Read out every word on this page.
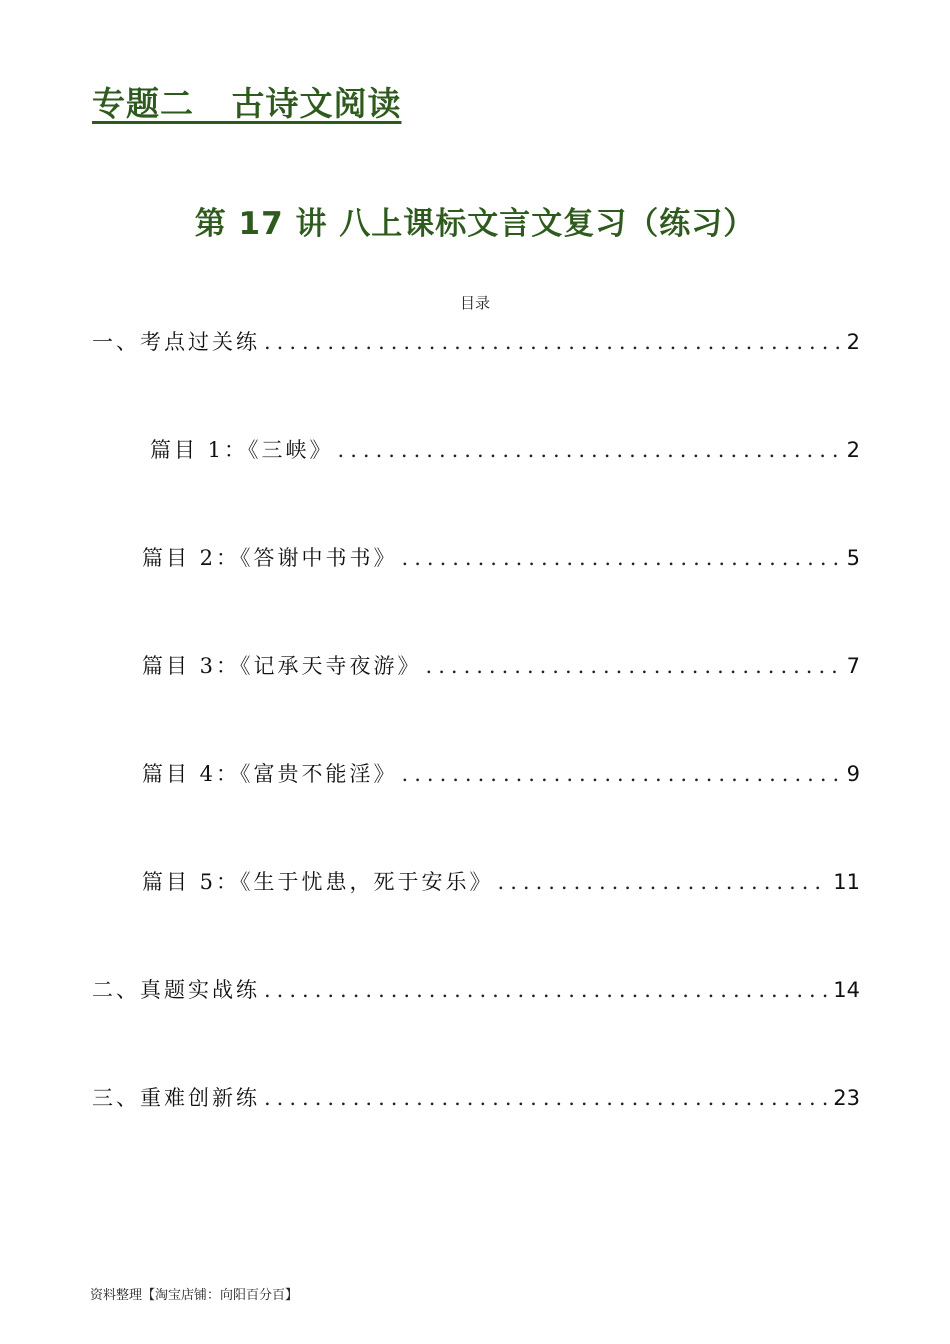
专题二   古诗文阅读
第 17 讲 八上课标文言文复习（练习）
目录
一、考点过关练 .....	2
篇目 1：《三峡》 .....	2
篇目 2：《答谢中书书》 .....	5
篇目 3：《记承天寺夜游》 .....	7
篇目 4：《富贵不能淫》 .....	9
篇目 5：《生于忧患，死于安乐》 .....	11
二、真题实战练 .....	14
三、重难创新练 .....	23
资料整理【淘宝店铺：向阳百分百】
